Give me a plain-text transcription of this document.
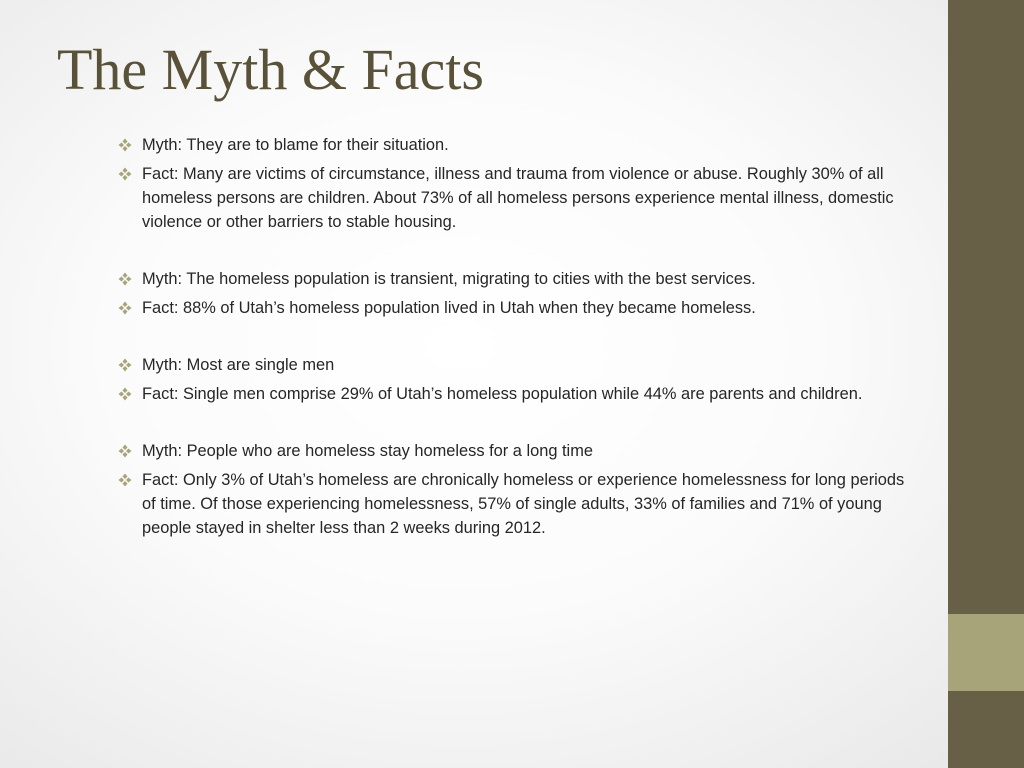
The Myth & Facts
Myth: They are to blame for their situation.
Fact: Many are victims of circumstance, illness and trauma from violence or abuse. Roughly 30% of all homeless persons are children. About 73% of all homeless persons experience mental illness, domestic violence or other barriers to stable housing.
Myth: The homeless population is transient, migrating to cities with the best services.
Fact: 88% of Utah’s homeless population lived in Utah when they became homeless.
Myth: Most are single men
Fact: Single men comprise 29% of Utah’s homeless population while 44% are parents and children.
Myth: People who are homeless stay homeless for a long time
Fact: Only 3% of Utah’s homeless are chronically homeless or experience homelessness for long periods of time. Of those experiencing homelessness, 57% of single adults, 33% of families and 71% of young people stayed in shelter less than 2 weeks during 2012.
